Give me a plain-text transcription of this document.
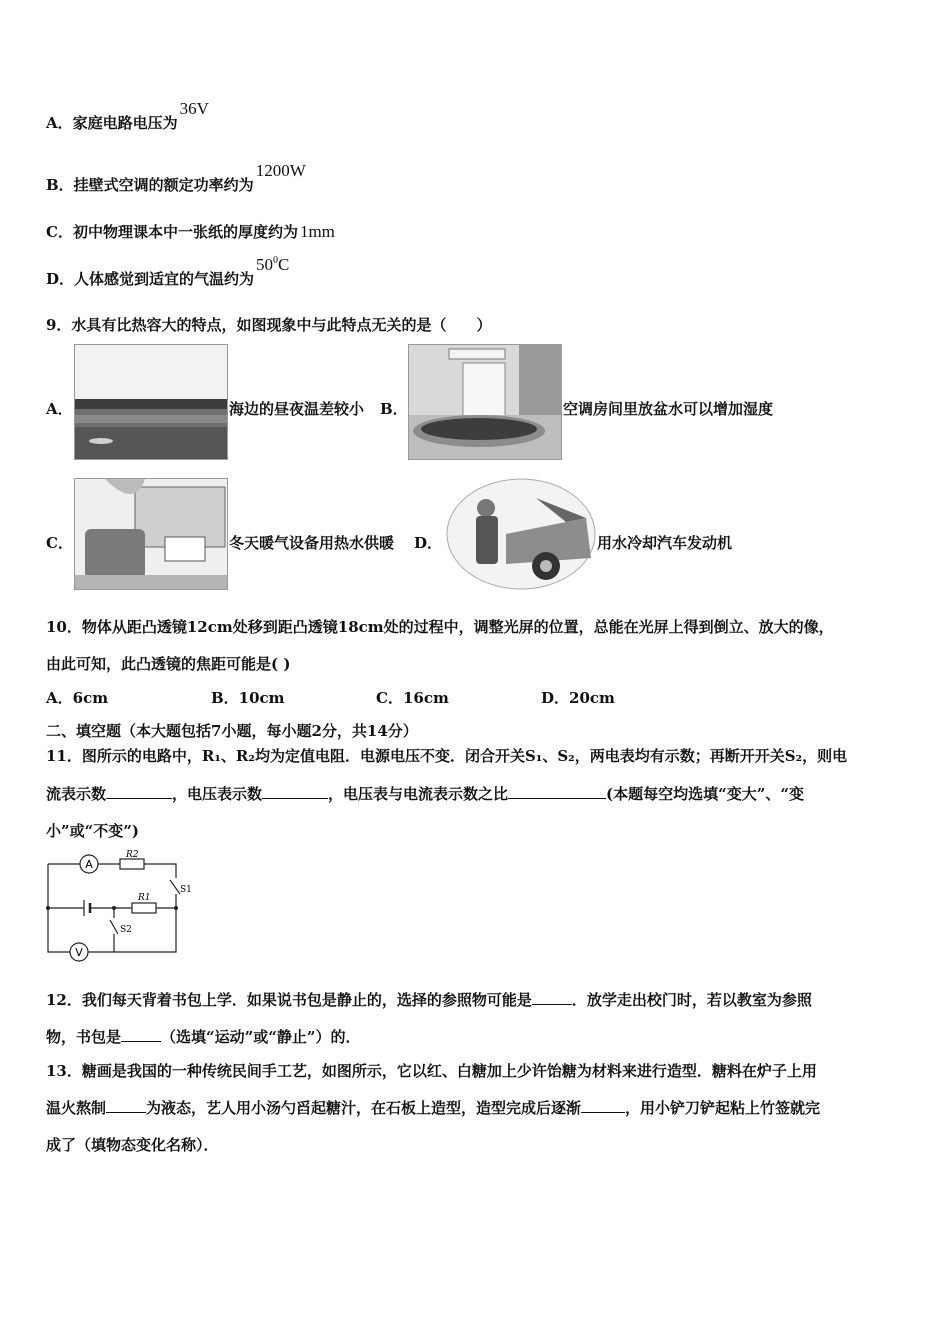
A．家庭电路电压为36V
B．挂壁式空调的额定功率约为1200W
C．初中物理课本中一张纸的厚度约为 1mm
D．人体感觉到适宜的气温约为$50^0C$
9．水具有比热容大的特点，如图现象中与此特点无关的是（　　）
A．	海边的昼夜温差较小 B．	空调房间里放盆水可以增加湿度
C．	冬天暖气设备用热水供暖 D．	用水冷却汽车发动机
10．物体从距凸透镜12cm处移到距凸透镜18cm处的过程中，调整光屏的位置，总能在光屏上得到倒立、放大的像，
由此可知，此凸透镜的焦距可能是( )
A．6cm	B．10cm	C．16cm	D．20cm
二、填空题（本大题包括7小题，每小题2分，共14分）
11．图所示的电路中，R₁、R₂均为定值电阻．电源电压不变．闭合开关S₁、S₂，两电表均有示数；再断开开关S₂，则电
流表示数	，电压表示数	，电压表与电流表示数之比	(本题每空均选填“变大”、“变
小”或“不变”)
A
V
R2
R1
S1
S2
12．我们每天背着书包上学．如果说书包是静止的，选择的参照物可能是	．放学走出校门时，若以教室为参照
物，书包是	（选填“运动”或“静止”）的．
13．糖画是我国的一种传统民间手工艺，如图所示，它以红、白糖加上少许饴糖为材料来进行造型．糖料在炉子上用
温火熬制	为液态，艺人用小汤勺舀起糖汁，在石板上造型，造型完成后逐渐	，用小铲刀铲起粘上竹签就完
成了（填物态变化名称）．
